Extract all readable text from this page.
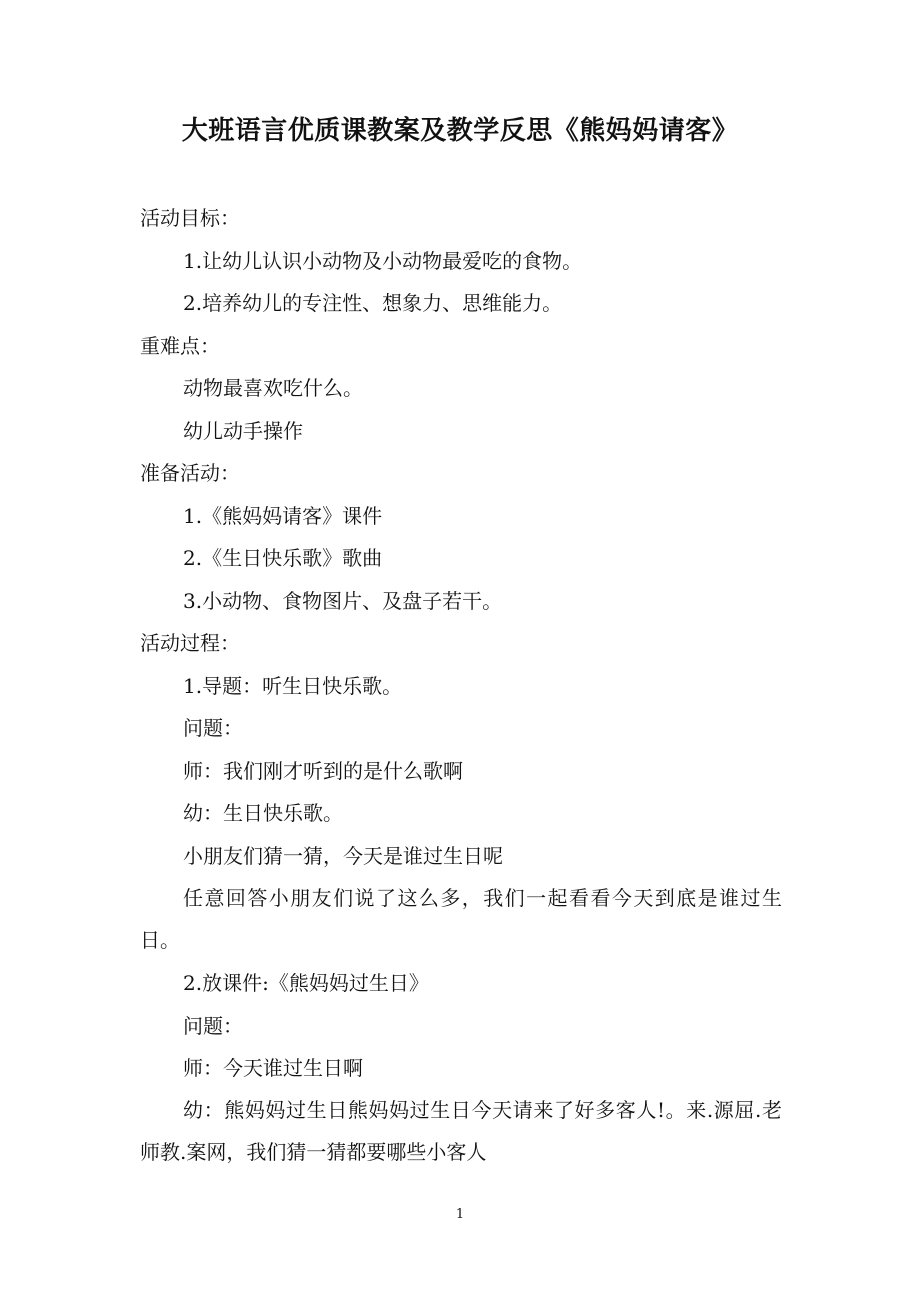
大班语言优质课教案及教学反思《熊妈妈请客》
活动目标：
1.让幼儿认识小动物及小动物最爱吃的食物。
2.培养幼儿的专注性、想象力、思维能力。
重难点：
动物最喜欢吃什么。
幼儿动手操作
准备活动：
1.《熊妈妈请客》课件
2.《生日快乐歌》歌曲
3.小动物、食物图片、及盘子若干。
活动过程：
1.导题：听生日快乐歌。
问题：
师：我们刚才听到的是什么歌啊
幼：生日快乐歌。
小朋友们猜一猜，今天是谁过生日呢
任意回答小朋友们说了这么多，我们一起看看今天到底是谁过生日。
2.放课件:《熊妈妈过生日》
问题：
师：今天谁过生日啊
幼：熊妈妈过生日熊妈妈过生日今天请来了好多客人!。来.源屈.老师教.案网，我们猜一猜都要哪些小客人
1
